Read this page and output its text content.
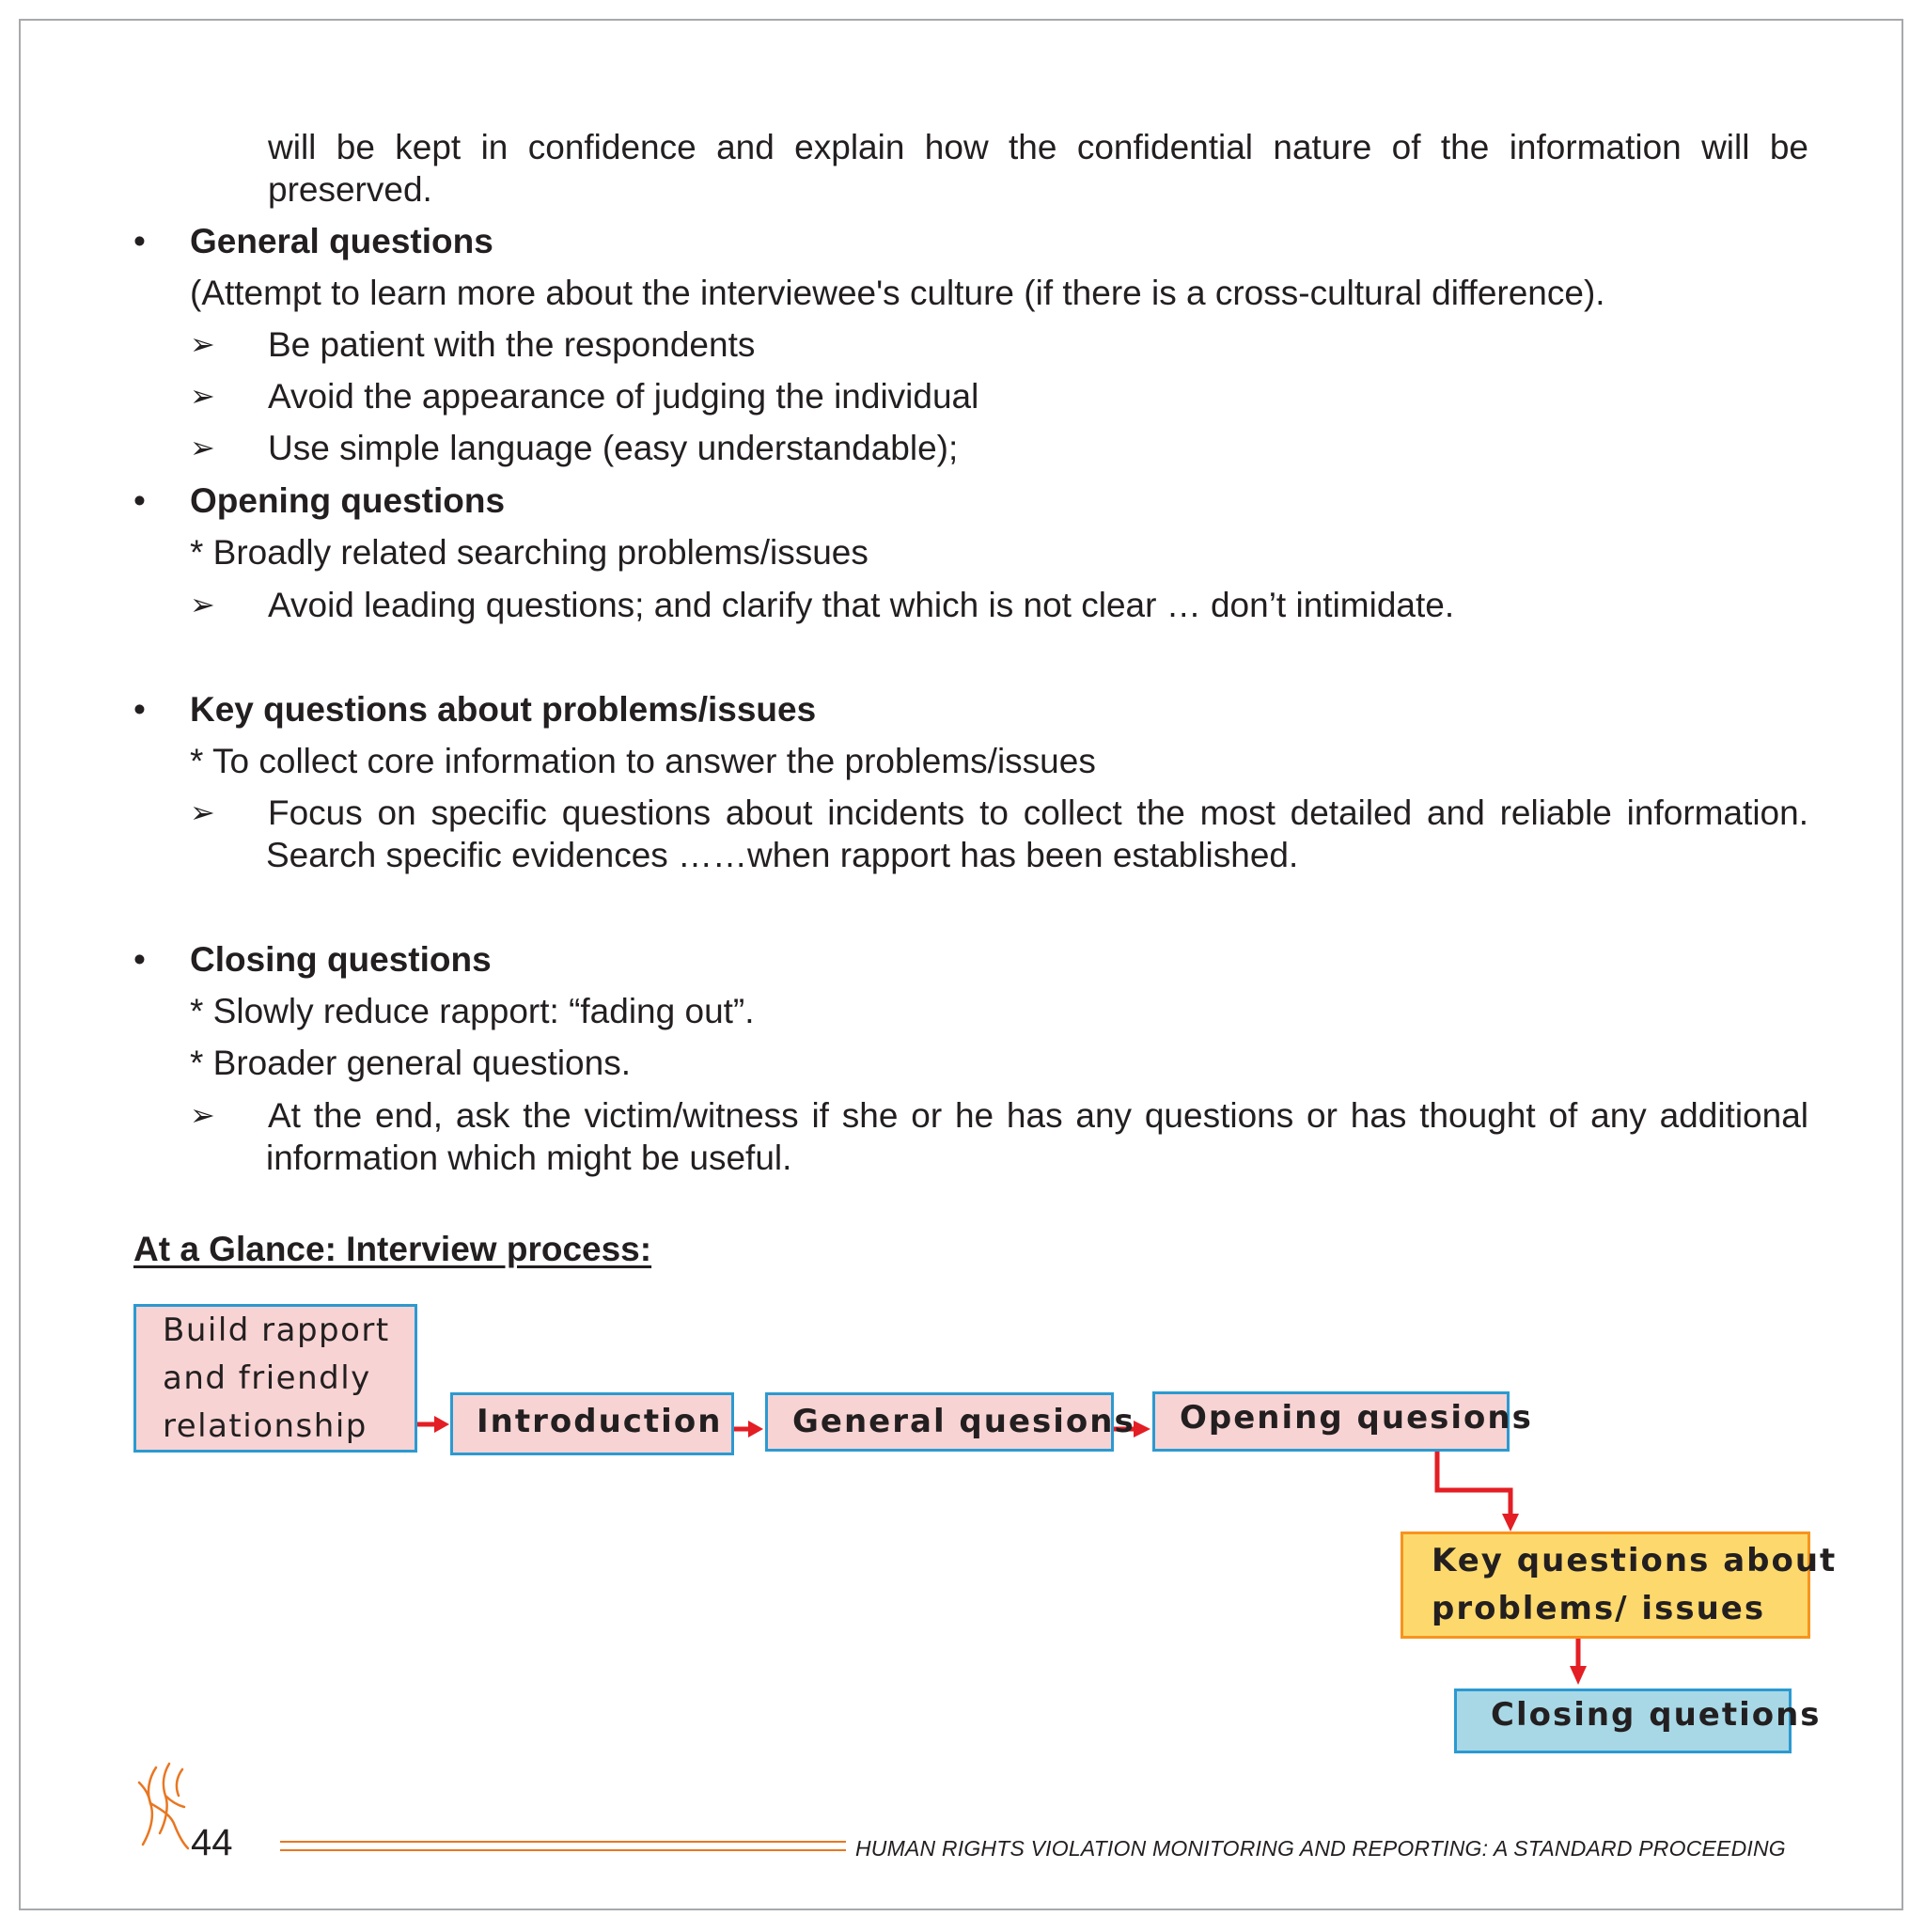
will be kept in confidence and explain how the confidential nature of the information will be
preserved.
• General questions
(Attempt to learn more about the interviewee's culture (if there is a cross-cultural difference).
➢ Be patient with the respondents
➢ Avoid the appearance of judging the individual
➢ Use simple language (easy understandable);
• Opening questions
* Broadly related searching problems/issues
➢ Avoid leading questions; and clarify that which is not clear … don’t intimidate.
• Key questions about problems/issues
* To collect core information to answer the problems/issues
➢ Focus on specific questions about incidents to collect the most detailed and reliable information.
Search specific evidences ……when rapport has been established.
• Closing questions
* Slowly reduce rapport: “fading out”.
* Broader general questions.
➢ At the end, ask the victim/witness if she or he has any questions or has thought of any additional
information which might be useful.
At a Glance: Interview process:
Build rapport
and friendly
relationship	Introduction	General quesions	Opening quesions
Key questions about
problems/ issues
Closing quetions
44	HUMAN RIGHTS VIOLATION MONITORING AND REPORTING: A STANDARD PROCEEDING
